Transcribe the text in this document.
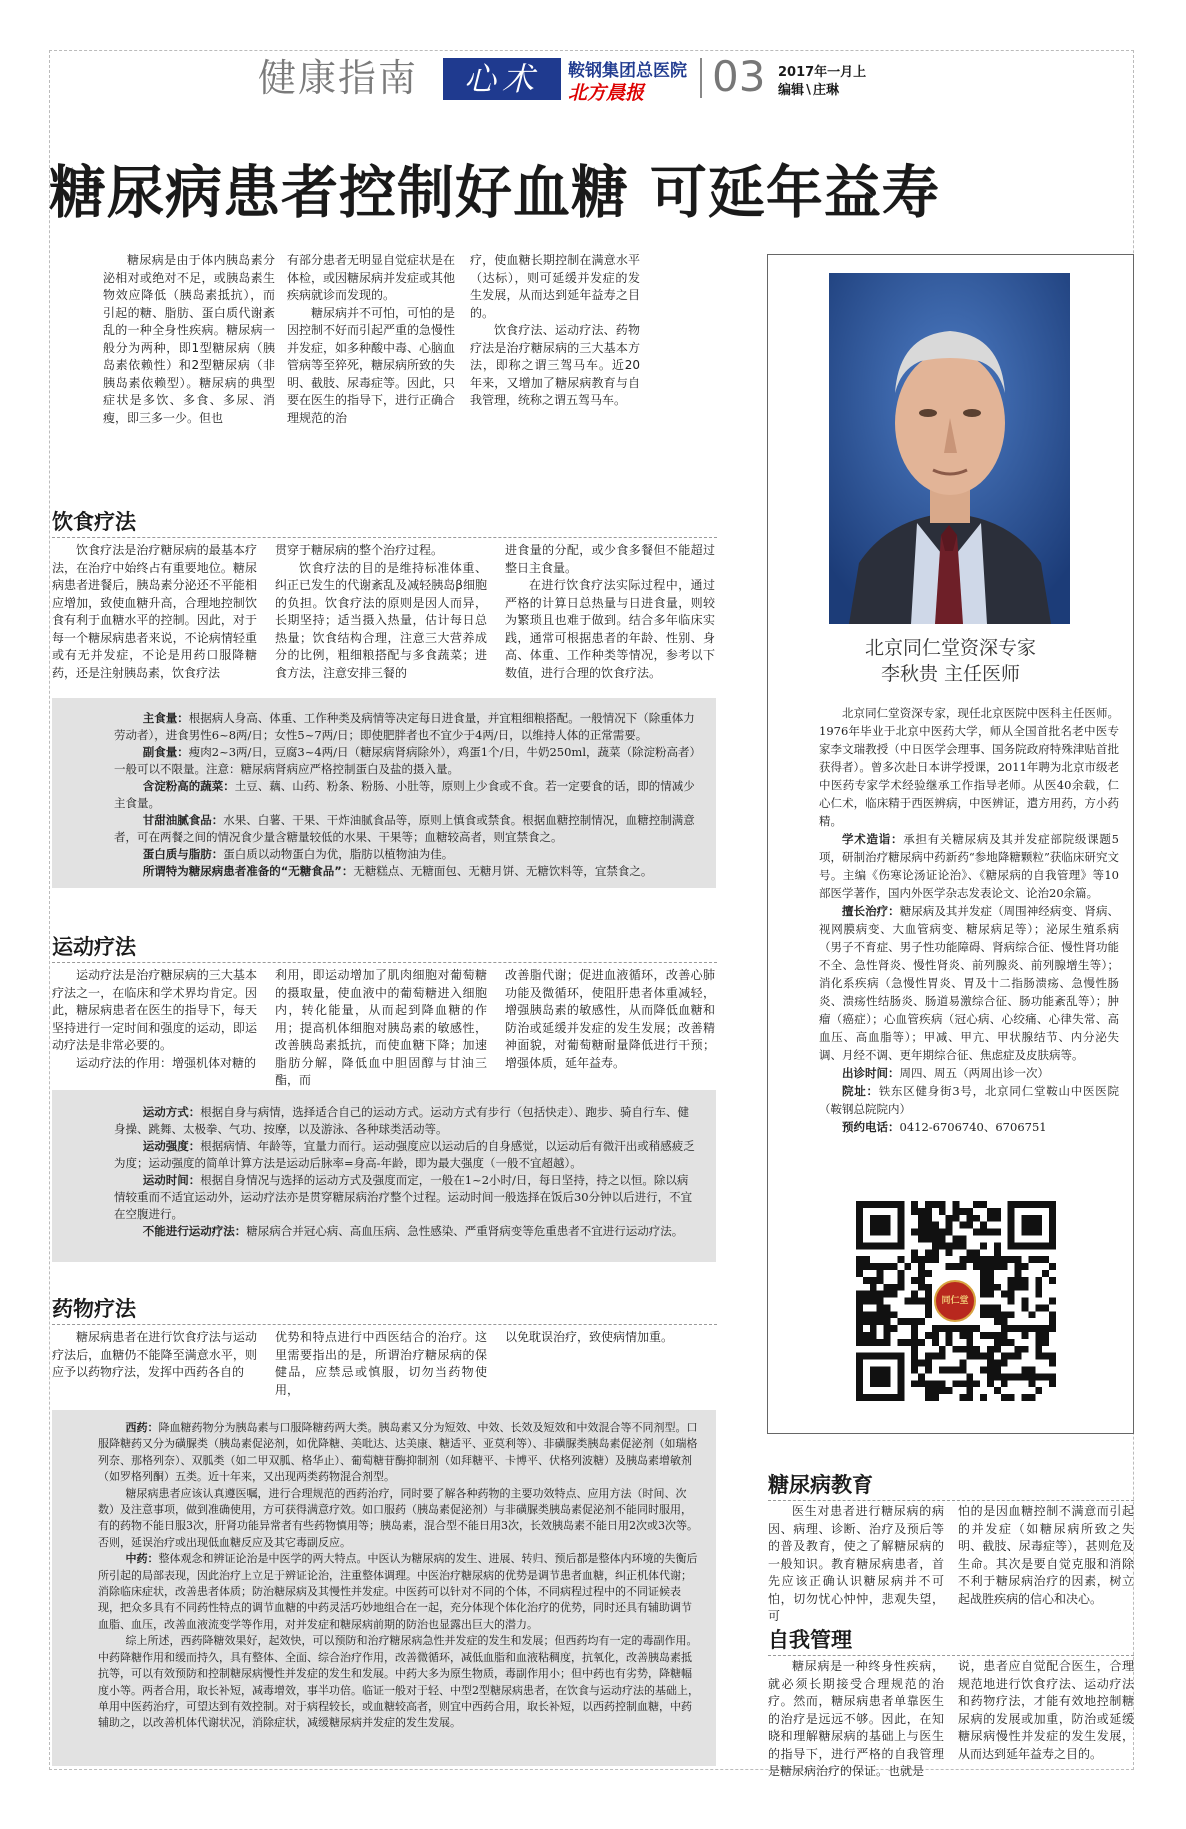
健康指南	心术	鞍钢集团总医院
北方晨报 03 2017年一月上
编辑∖庄琳
糖尿病患者控制好血糖 可延年益寿

糖尿病是由于体内胰岛素分泌相对或绝对不足，或胰岛素生物效应降低（胰岛素抵抗），而引起的糖、脂肪、蛋白质代谢紊乱的一种全身性疾病。糖尿病一般分为两种，即1型糖尿病（胰岛素依赖性）和2型糖尿病（非胰岛素依赖型）。糖尿病的典型症状是多饮、多食、多尿、消瘦，即三多一少。但也

有部分患者无明显自觉症状是在体检，或因糖尿病并发症或其他疾病就诊而发现的。

糖尿病并不可怕，可怕的是因控制不好而引起严重的急慢性并发症，如多种酸中毒、心脑血管病等至猝死，糖尿病所致的失明、截肢、尿毒症等。因此，只要在医生的指导下，进行正确合理规范的治

疗，使血糖长期控制在满意水平（达标），则可延缓并发症的发生发展，从而达到延年益寿之目的。

饮食疗法、运动疗法、药物疗法是治疗糖尿病的三大基本方法，即称之谓三驾马车。近20年来，又增加了糖尿病教育与自我管理，统称之谓五驾马车。

饮食疗法

饮食疗法是治疗糖尿病的最基本疗法，在治疗中始终占有重要地位。糖尿病患者进餐后，胰岛素分泌还不平能相应增加，致使血糖升高，合理地控制饮食有利于血糖水平的控制。因此，对于每一个糖尿病患者来说，不论病情轻重或有无并发症，不论是用药口服降糖药，还是注射胰岛素，饮食疗法

贯穿于糖尿病的整个治疗过程。

饮食疗法的目的是维持标准体重、纠正已发生的代谢紊乱及减轻胰岛β细胞的负担。饮食疗法的原则是因人而异，长期坚持；适当摄入热量，估计每日总热量；饮食结构合理，注意三大营养成分的比例，粗细粮搭配与多食蔬菜；进食方法，注意安排三餐的

进食量的分配，或少食多餐但不能超过整日主食量。

在进行饮食疗法实际过程中，通过严格的计算日总热量与日进食量，则较为繁琐且也难于做到。结合多年临床实践，通常可根据患者的年龄、性别、身高、体重、工作种类等情况，参考以下数值，进行合理的饮食疗法。

主食量：根据病人身高、体重、工作种类及病情等决定每日进食量，并宜粗细粮搭配。一般情况下（除重体力劳动者），进食男性6~8两/日；女性5~7两/日；即使肥胖者也不宜少于4两/日，以维持人体的正常需要。

副食量：瘦肉2~3两/日，豆腐3~4两/日（糖尿病肾病除外），鸡蛋1个/日，牛奶250ml，蔬菜（除淀粉高者）一般可以不限量。注意：糖尿病肾病应严格控制蛋白及盐的摄入量。

含淀粉高的蔬菜：土豆、藕、山药、粉条、粉肠、小肚等，原则上少食或不食。若一定要食的话，即的情减少主食量。

甘甜油腻食品：水果、白薯、干果、干炸油腻食品等，原则上慎食或禁食。根据血糖控制情况，血糖控制满意者，可在两餐之间的情况食少量含糖量较低的水果、干果等；血糖较高者，则宜禁食之。

蛋白质与脂肪：蛋白质以动物蛋白为优，脂肪以植物油为佳。

所谓特为糖尿病患者准备的“无糖食品”：无糖糕点、无糖面包、无糖月饼、无糖饮料等，宜禁食之。

运动疗法

运动疗法是治疗糖尿病的三大基本疗法之一，在临床和学术界均肯定。因此，糖尿病患者在医生的指导下，每天坚持进行一定时间和强度的运动，即运动疗法是非常必要的。

运动疗法的作用：增强机体对糖的

利用，即运动增加了肌肉细胞对葡萄糖的摄取量，使血液中的葡萄糖进入细胞内，转化能量，从而起到降血糖的作用；提高机体细胞对胰岛素的敏感性，改善胰岛素抵抗，而使血糖下降；加速脂肪分解，降低血中胆固醇与甘油三酯，而

改善脂代谢；促进血液循环，改善心肺功能及微循环，使阻肝患者体重减轻，增强胰岛素的敏感性，从而降低血糖和防治或延缓并发症的发生发展；改善精神面貌，对葡萄糖耐量降低进行干预；增强体质，延年益寿。

运动方式：根据自身与病情，选择适合自己的运动方式。运动方式有步行（包括快走）、跑步、骑自行车、健身操、跳舞、太极拳、气功、按摩，以及游泳、各种球类活动等。

运动强度：根据病情、年龄等，宜量力而行。运动强度应以运动后的自身感觉，以运动后有微汗出或稍感疲乏为度；运动强度的简单计算方法是运动后脉率=身高-年龄，即为最大强度（一般不宜超越）。

运动时间：根据自身情况与选择的运动方式及强度而定，一般在1~2小时/日，每日坚持，持之以恒。除以病情较重而不适宜运动外，运动疗法亦是贯穿糖尿病治疗整个过程。运动时间一般选择在饭后30分钟以后进行，不宜在空腹进行。

不能进行运动疗法：糖尿病合并冠心病、高血压病、急性感染、严重肾病变等危重患者不宜进行运动疗法。

药物疗法

糖尿病患者在进行饮食疗法与运动疗法后，血糖仍不能降至满意水平，则应予以药物疗法，发挥中西药各自的

优势和特点进行中西医结合的治疗。这里需要指出的是，所谓治疗糖尿病的保健品，应禁忌或慎服，切勿当药物使用，

以免耽误治疗，致使病情加重。

西药：降血糖药物分为胰岛素与口服降糖药两大类。胰岛素又分为短效、中效、长效及短效和中效混合等不同剂型。口服降糖药又分为磺脲类（胰岛素促泌剂，如优降糖、美吡达、达美康、糖适平、亚莫利等）、非磺脲类胰岛素促泌剂（如瑞格列奈、那格列奈）、双胍类（如二甲双胍、格华止）、葡萄糖苷酶抑制剂（如拜糖平、卡博平、伏格列波糖）及胰岛素增敏剂（如罗格列酮）五类。近十年来，又出现两类药物混合剂型。

糖尿病患者应该认真遵医嘱，进行合理规范的西药治疗，同时要了解各种药物的主要功效特点、应用方法（时间、次数）及注意事项，做到准确使用，方可获得满意疗效。如口服药（胰岛素促泌剂）与非磺脲类胰岛素促泌剂不能同时服用，有的药物不能日服3次，肝肾功能异常者有些药物慎用等；胰岛素，混合型不能日用3次，长效胰岛素不能日用2次或3次等。否则，延误治疗或出现低血糖反应及其它毒副反应。

中药：整体观念和辨证论治是中医学的两大特点。中医认为糖尿病的发生、进展、转归、预后都是整体内环境的失衡后所引起的局部表现，因此治疗上立足于辨证论治，注重整体调理。中医治疗糖尿病的优势是调节患者血糖，纠正机体代谢；消除临床症状，改善患者体质；防治糖尿病及其慢性并发症。中医药可以针对不同的个体，不同病程过程中的不同证候表现，把众多具有不同药性特点的调节血糖的中药灵活巧妙地组合在一起，充分体现个体化治疗的优势，同时还具有辅助调节血脂、血压，改善血液流变学等作用，对并发症和糖尿病前期的防治也显露出巨大的潜力。

综上所述，西药降糖效果好，起效快，可以预防和治疗糖尿病急性并发症的发生和发展；但西药均有一定的毒副作用。中药降糖作用和缓而持久，具有整体、全面、综合治疗作用，改善微循环，减低血脂和血液粘稠度，抗氧化，改善胰岛素抵抗等，可以有效预防和控制糖尿病慢性并发症的发生和发展。中药大多为原生物质，毒副作用小；但中药也有劣势，降糖幅度小等。两者合用，取长补短，减毒增效，事半功倍。临证一般对于轻、中型2型糖尿病患者，在饮食与运动疗法的基础上，单用中医药治疗，可望达到有效控制。对于病程较长，或血糖较高者，则宜中西药合用，取长补短，以西药控制血糖，中药辅助之，以改善机体代谢状况，消除症状，减缓糖尿病并发症的发生发展。

北京同仁堂资深专家
李秋贵 主任医师

北京同仁堂资深专家，现任北京医院中医科主任医师。1976年毕业于北京中医药大学，师从全国首批名老中医专家李文瑞教授（中日医学会理事、国务院政府特殊津贴首批获得者）。曾多次赴日本讲学授课，2011年聘为北京市级老中医药专家学术经验继承工作指导老师。从医40余载，仁心仁术，临床精于西医辨病，中医辨证，遣方用药，方小药精。

学术造诣：承担有关糖尿病及其并发症部院级课题5项，研制治疗糖尿病中药新药“参地降糖颗粒”获临床研究文号。主编《伤寒论汤证论治》、《糖尿病的自我管理》等10部医学著作，国内外医学杂志发表论文、论治20余篇。

擅长治疗：糖尿病及其并发症（周围神经病变、肾病、视网膜病变、大血管病变、糖尿病足等）；泌尿生殖系病（男子不育症、男子性功能障碍、肾病综合征、慢性肾功能不全、急性肾炎、慢性肾炎、前列腺炎、前列腺增生等）；消化系疾病（急慢性胃炎、胃及十二指肠溃疡、急慢性肠炎、溃疡性结肠炎、肠道易激综合征、肠功能紊乱等）；肿瘤（癌症）；心血管疾病（冠心病、心绞痛、心律失常、高血压、高血脂等）；甲减、甲亢、甲状腺结节、内分泌失调、月经不调、更年期综合征、焦虑症及皮肤病等。

出诊时间：周四、周五（两周出诊一次）

院址：铁东区健身街3号，北京同仁堂鞍山中医医院（鞍钢总院院内）

预约电话：0412-6706740、6706751

同仁堂
糖尿病教育

医生对患者进行糖尿病的病因、病理、诊断、治疗及预后等的普及教育，使之了解糖尿病的一般知识。教育糖尿病患者，首先应该正确认识糖尿病并不可怕，切勿忧心忡忡，悲观失望，可

怕的是因血糖控制不满意而引起的并发症（如糖尿病所致之失明、截肢、尿毒症等），甚则危及生命。其次是要自觉克服和消除不利于糖尿病治疗的因素，树立起战胜疾病的信心和决心。

自我管理

糖尿病是一种终身性疾病，就必须长期接受合理规范的治疗。然而，糖尿病患者单靠医生的治疗是远远不够。因此，在知晓和理解糖尿病的基础上与医生的指导下，进行严格的自我管理是糖尿病治疗的保证。也就是

说，患者应自觉配合医生，合理规范地进行饮食疗法、运动疗法和药物疗法，才能有效地控制糖尿病的发展或加重，防治或延缓糖尿病慢性并发症的发生发展，从而达到延年益寿之目的。
